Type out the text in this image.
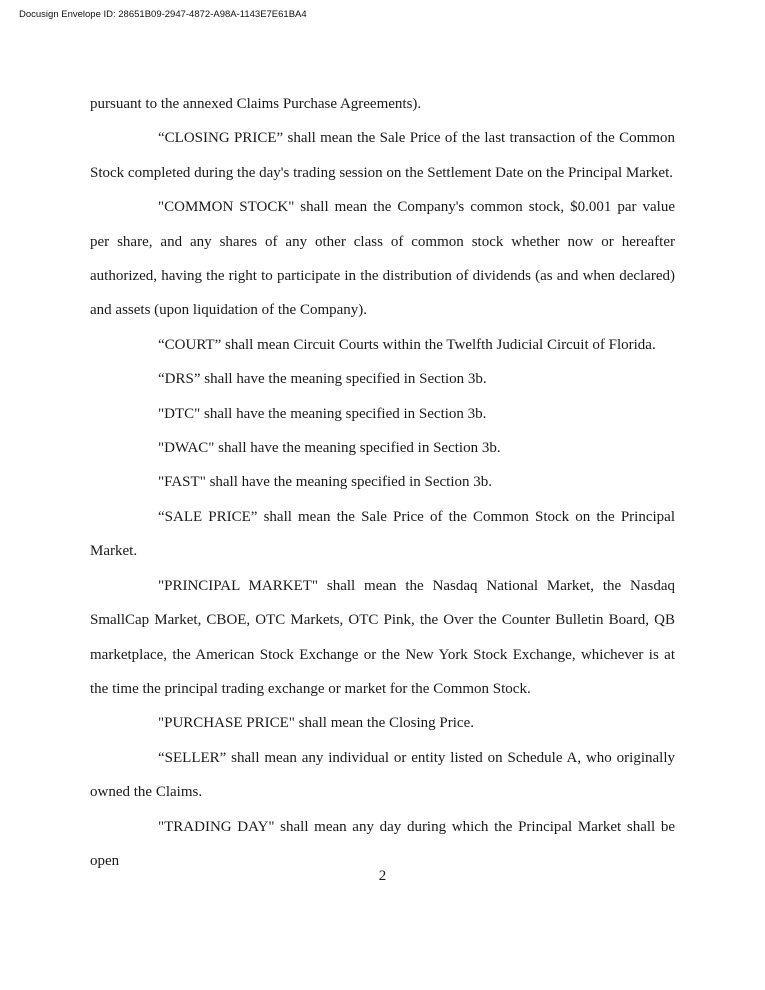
Docusign Envelope ID: 28651B09-2947-4872-A98A-1143E7E61BA4

pursuant to the annexed Claims Purchase Agreements).

“CLOSING PRICE” shall mean the Sale Price of the last transaction of the Common Stock completed during the day's trading session on the Settlement Date on the Principal Market.

"COMMON STOCK" shall mean the Company's common stock, $0.001 par value per share, and any shares of any other class of common stock whether now or hereafter authorized, having the right to participate in the distribution of dividends (as and when declared) and assets (upon liquidation of the Company).

“COURT” shall mean Circuit Courts within the Twelfth Judicial Circuit of Florida.

“DRS” shall have the meaning specified in Section 3b.

"DTC" shall have the meaning specified in Section 3b.

"DWAC" shall have the meaning specified in Section 3b.

"FAST" shall have the meaning specified in Section 3b.

“SALE PRICE” shall mean the Sale Price of the Common Stock on the Principal Market.

"PRINCIPAL MARKET" shall mean the Nasdaq National Market, the Nasdaq SmallCap Market, CBOE, OTC Markets, OTC Pink, the Over the Counter Bulletin Board, QB marketplace, the American Stock Exchange or the New York Stock Exchange, whichever is at the time the principal trading exchange or market for the Common Stock.

"PURCHASE PRICE" shall mean the Closing Price.

“SELLER” shall mean any individual or entity listed on Schedule A, who originally owned the Claims.

"TRADING DAY" shall mean any day during which the Principal Market shall be open

2
